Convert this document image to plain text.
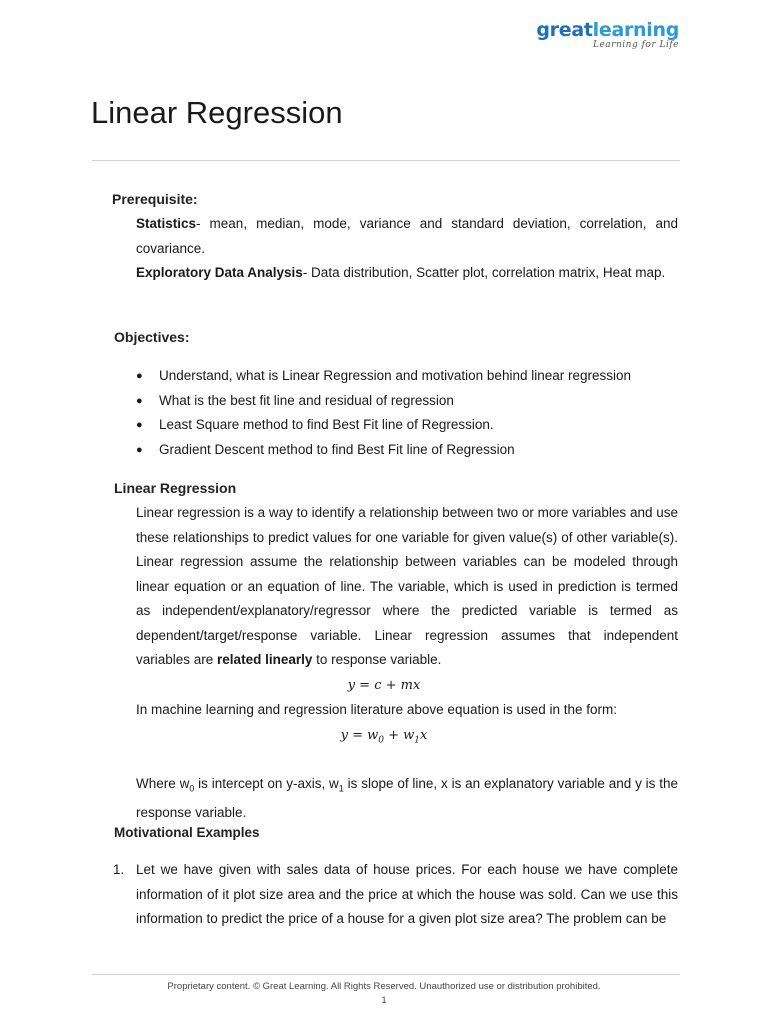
greatlearning
Learning for Life
Linear Regression
Prerequisite:

Statistics- mean, median, mode, variance and standard deviation, correlation, and covariance.

Exploratory Data Analysis- Data distribution, Scatter plot, correlation matrix, Heat map.

Objectives:
● Understand, what is Linear Regression and motivation behind linear regression
● What is the best fit line and residual of regression
● Least Square method to find Best Fit line of Regression.
● Gradient Descent method to find Best Fit line of Regression
Linear Regression

Linear regression is a way to identify a relationship between two or more variables and use these relationships to predict values for one variable for given value(s) of other variable(s). Linear regression assume the relationship between variables can be modeled through linear equation or an equation of line. The variable, which is used in prediction is termed as independent/explanatory/regressor where the predicted variable is termed as dependent/target/response variable. Linear regression assumes that independent variables are related linearly to response variable.

y = c + mx

In machine learning and regression literature above equation is used in the form:

$y = w_0 + w_1x$

Where $w_0$ is intercept on y-axis, $w_1$ is slope of line, x is an explanatory variable and y is the response variable.

Motivational Examples
1. Let we have given with sales data of house prices. For each house we have complete information of it plot size area and the price at which the house was sold. Can we use this information to predict the price of a house for a given plot size area? The problem can be

Proprietary content. © Great Learning. All Rights Reserved. Unauthorized use or distribution prohibited.
1
